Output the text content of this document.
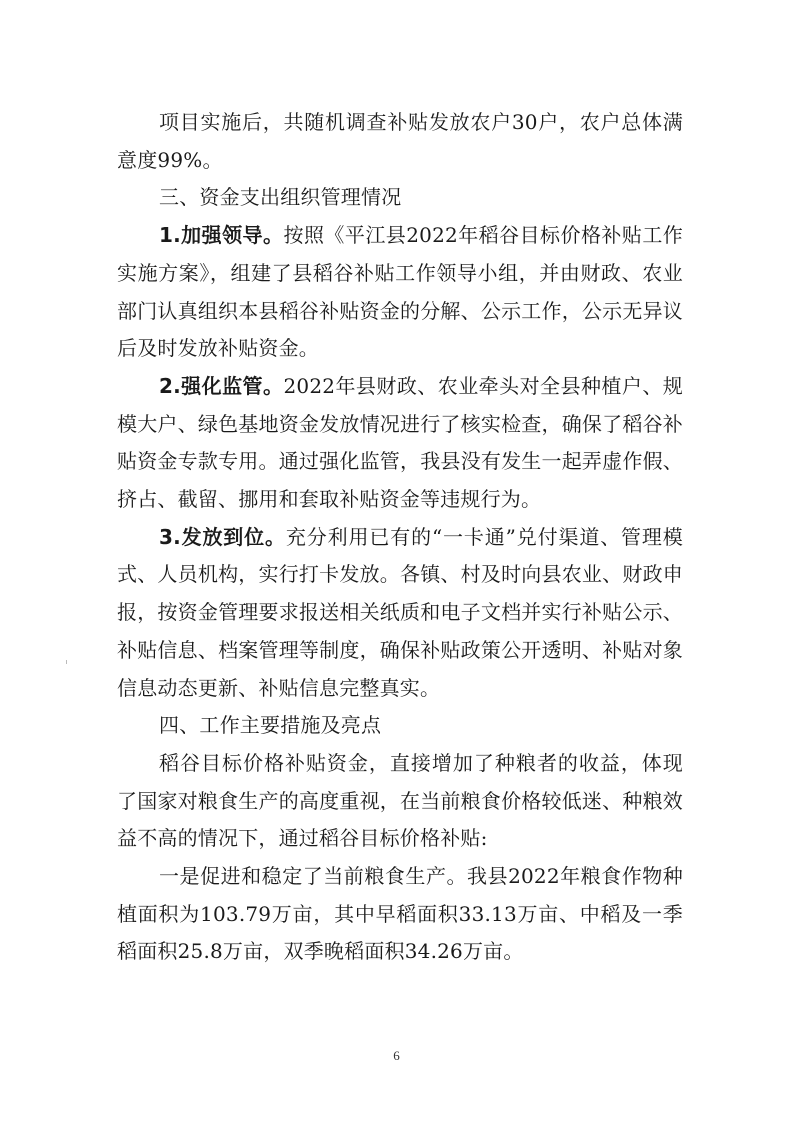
项目实施后，共随机调查补贴发放农户30户，农户总体满意度99%。

三、资金支出组织管理情况

1.加强领导。按照《平江县2022年稻谷目标价格补贴工作实施方案》，组建了县稻谷补贴工作领导小组，并由财政、农业部门认真组织本县稻谷补贴资金的分解、公示工作，公示无异议后及时发放补贴资金。

2.强化监管。2022年县财政、农业牵头对全县种植户、规模大户、绿色基地资金发放情况进行了核实检查，确保了稻谷补贴资金专款专用。通过强化监管，我县没有发生一起弄虚作假、挤占、截留、挪用和套取补贴资金等违规行为。

3.发放到位。充分利用已有的“一卡通”兑付渠道、管理模式、人员机构，实行打卡发放。各镇、村及时向县农业、财政申报，按资金管理要求报送相关纸质和电子文档并实行补贴公示、补贴信息、档案管理等制度，确保补贴政策公开透明、补贴对象信息动态更新、补贴信息完整真实。

四、工作主要措施及亮点

稻谷目标价格补贴资金，直接增加了种粮者的收益，体现了国家对粮食生产的高度重视，在当前粮食价格较低迷、种粮效益不高的情况下，通过稻谷目标价格补贴:

一是促进和稳定了当前粮食生产。我县2022年粮食作物种植面积为103.79万亩，其中早稻面积33.13万亩、中稻及一季稻面积25.8万亩，双季晚稻面积34.26万亩。

6
